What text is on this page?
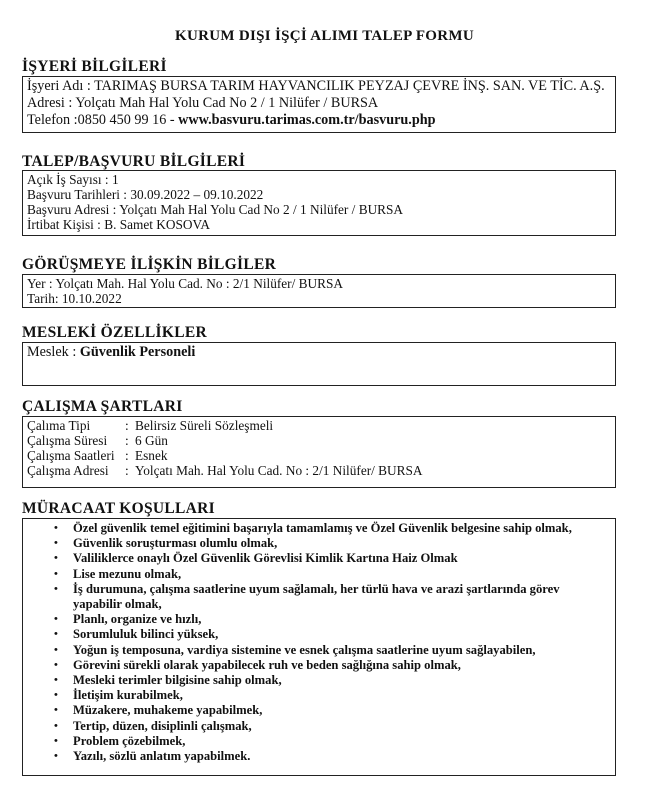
KURUM DIŞI İŞÇİ ALIMI TALEP FORMU
İŞYERİ BİLGİLERİ
İşyeri Adı : TARIMAŞ BURSA TARIM HAYVANCILIK PEYZAJ ÇEVRE İNŞ. SAN. VE TİC. A.Ş.
Adresi : Yolçatı Mah Hal Yolu Cad No 2 / 1 Nilüfer / BURSA
Telefon :0850 450 99 16 - www.basvuru.tarimas.com.tr/basvuru.php
TALEP/BAŞVURU BİLGİLERİ
Açık İş Sayısı : 1
Başvuru Tarihleri : 30.09.2022 – 09.10.2022
Başvuru Adresi : Yolçatı Mah Hal Yolu Cad No 2 / 1 Nilüfer / BURSA
İrtibat Kişisi : B. Samet KOSOVA
GÖRÜŞMEYE İLİŞKİN BİLGİLER
Yer : Yolçatı Mah. Hal Yolu Cad. No : 2/1 Nilüfer/ BURSA
Tarih: 10.10.2022
MESLEKİ ÖZELLİKLER
Meslek : Güvenlik Personeli
ÇALIŞMA ŞARTLARI
Çalıma Tipi	: Belirsiz Süreli Sözleşmeli
Çalışma Süresi	: 6 Gün
Çalışma Saatleri : Esnek
Çalışma Adresi	: Yolçatı Mah. Hal Yolu Cad. No : 2/1 Nilüfer/ BURSA
MÜRACAAT KOŞULLARI
• Özel güvenlik temel eğitimini başarıyla tamamlamış ve Özel Güvenlik belgesine sahip olmak,
• Güvenlik soruşturması olumlu olmak,
• Valiliklerce onaylı Özel Güvenlik Görevlisi Kimlik Kartına Haiz Olmak
• Lise mezunu olmak,
• İş durumuna, çalışma saatlerine uyum sağlamalı, her türlü hava ve arazi şartlarında görev yapabilir olmak,
• Planlı, organize ve hızlı,
• Sorumluluk bilinci yüksek,
• Yoğun iş temposuna, vardiya sistemine ve esnek çalışma saatlerine uyum sağlayabilen,
• Görevini sürekli olarak yapabilecek ruh ve beden sağlığına sahip olmak,
• Mesleki terimler bilgisine sahip olmak,
• İletişim kurabilmek,
• Müzakere, muhakeme yapabilmek,
• Tertip, düzen, disiplinli çalışmak,
• Problem çözebilmek,
• Yazılı, sözlü anlatım yapabilmek.
